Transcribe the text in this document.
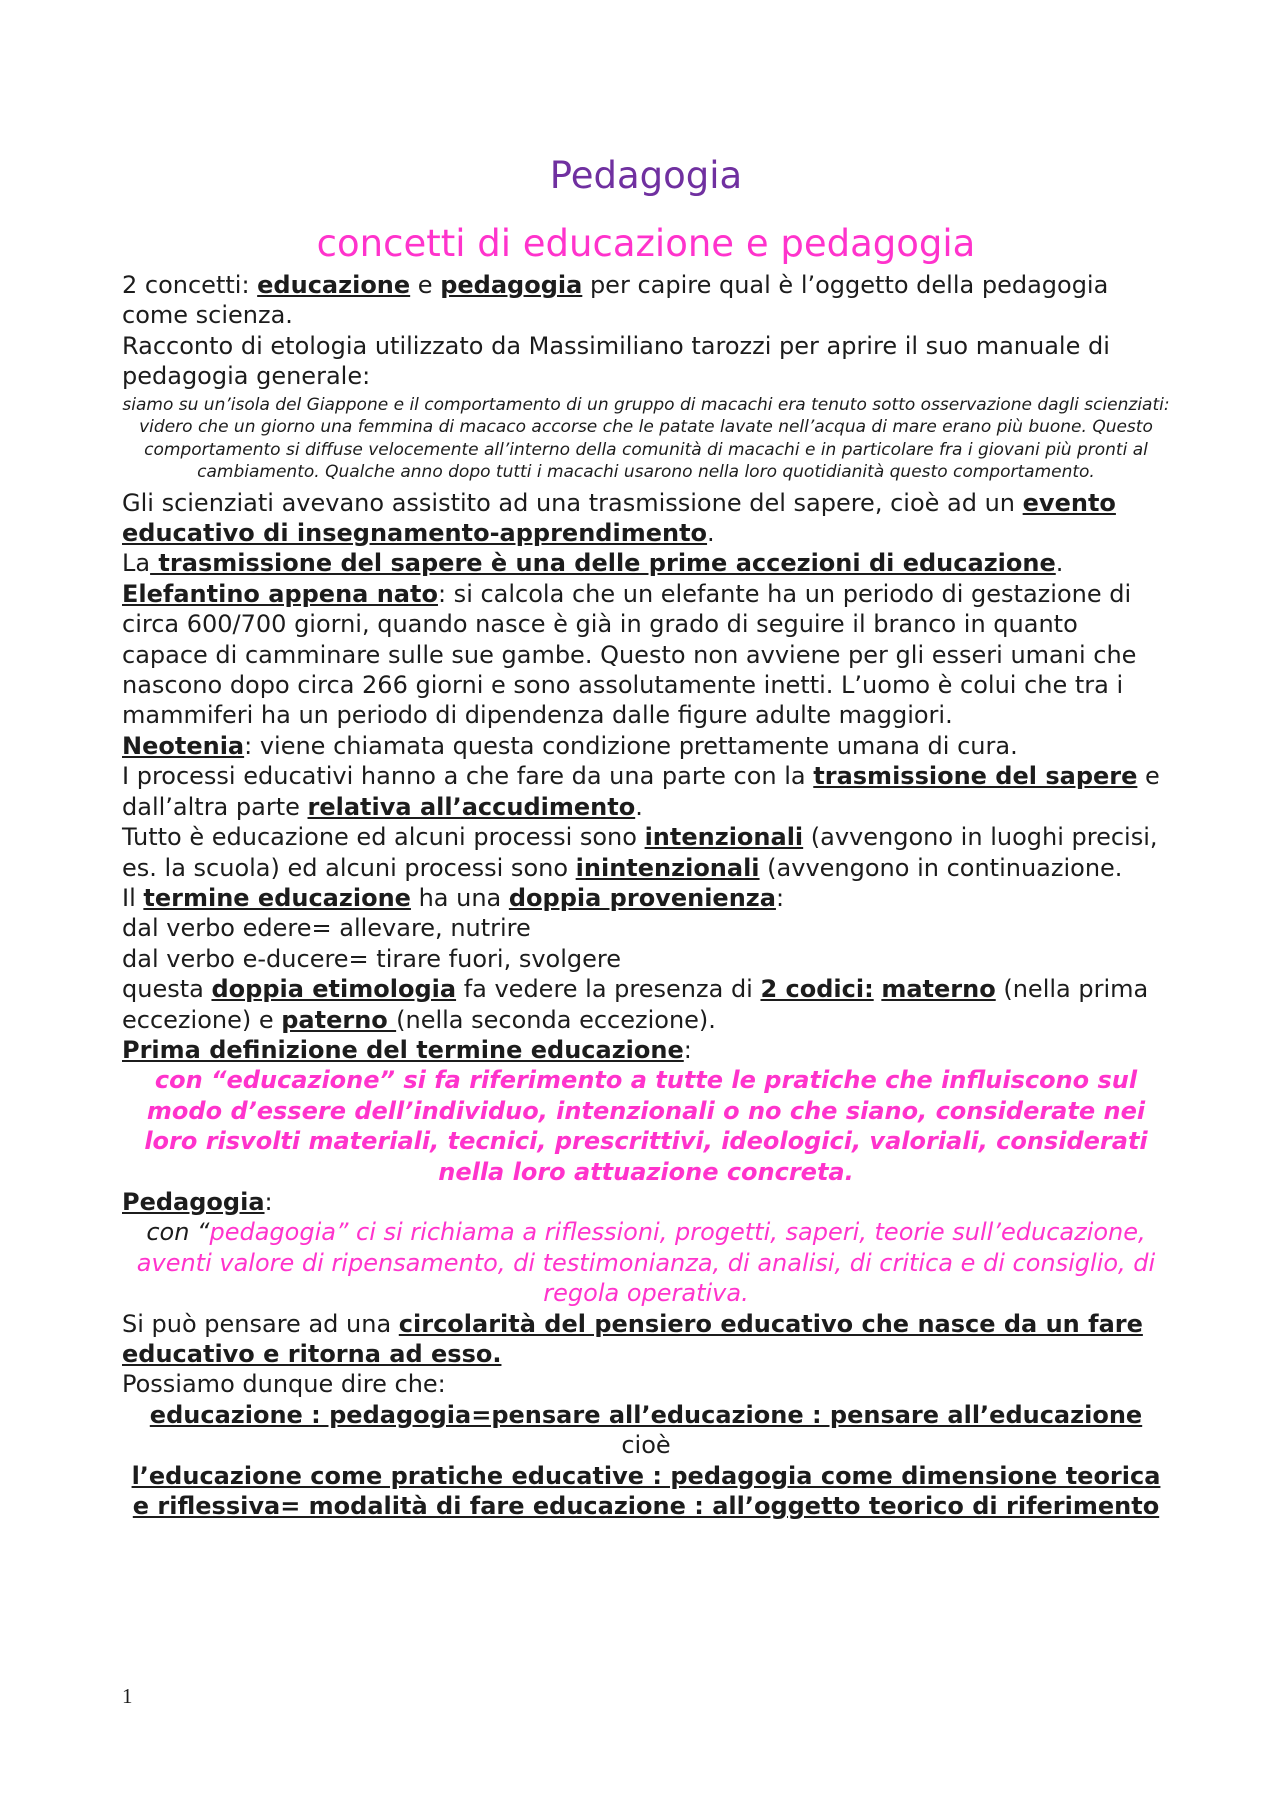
Pedagogia
concetti di educazione e pedagogia

2 concetti: educazione e pedagogia per capire qual è l’oggetto della pedagogia come scienza.

Racconto di etologia utilizzato da Massimiliano tarozzi per aprire il suo manuale di pedagogia generale:

siamo su un’isola del Giappone e il comportamento di un gruppo di macachi era tenuto sotto osservazione dagli scienziati: videro che un giorno una femmina di macaco accorse che le patate lavate nell’acqua di mare erano più buone. Questo comportamento si diffuse velocemente all’interno della comunità di macachi e in particolare fra i giovani più pronti al cambiamento. Qualche anno dopo tutti i macachi usarono nella loro quotidianità questo comportamento.

Gli scienziati avevano assistito ad una trasmissione del sapere, cioè ad un evento educativo di insegnamento-apprendimento.

La trasmissione del sapere è una delle prime accezioni di educazione.

Elefantino appena nato: si calcola che un elefante ha un periodo di gestazione di circa 600/700 giorni, quando nasce è già in grado di seguire il branco in quanto capace di camminare sulle sue gambe. Questo non avviene per gli esseri umani che nascono dopo circa 266 giorni e sono assolutamente inetti. L’uomo è colui che tra i mammiferi ha un periodo di dipendenza dalle figure adulte maggiori.

Neotenia: viene chiamata questa condizione prettamente umana di cura.

I processi educativi hanno a che fare da una parte con la trasmissione del sapere e dall’altra parte relativa all’accudimento.

Tutto è educazione ed alcuni processi sono intenzionali (avvengono in luoghi precisi, es. la scuola) ed alcuni processi sono inintenzionali (avvengono in continuazione.

Il termine educazione ha una doppia provenienza:

dal verbo edere= allevare, nutrire

dal verbo e-ducere= tirare fuori, svolgere

questa doppia etimologia fa vedere la presenza di 2 codici: materno (nella prima eccezione) e paterno (nella seconda eccezione).

Prima definizione del termine educazione:

con “educazione” si fa riferimento a tutte le pratiche che influiscono sul modo d’essere dell’individuo, intenzionali o no che siano, considerate nei loro risvolti materiali, tecnici, prescrittivi, ideologici, valoriali, considerati nella loro attuazione concreta.

Pedagogia:

con “pedagogia” ci si richiama a riflessioni, progetti, saperi, teorie sull’educazione, aventi valore di ripensamento, di testimonianza, di analisi, di critica e di consiglio, di regola operativa.

Si può pensare ad una circolarità del pensiero educativo che nasce da un fare educativo e ritorna ad esso.

Possiamo dunque dire che:

educazione : pedagogia=pensare all’educazione : pensare all’educazione

cioè

l’educazione come pratiche educative : pedagogia come dimensione teorica e riflessiva= modalità di fare educazione : all’oggetto teorico di riferimento

1
